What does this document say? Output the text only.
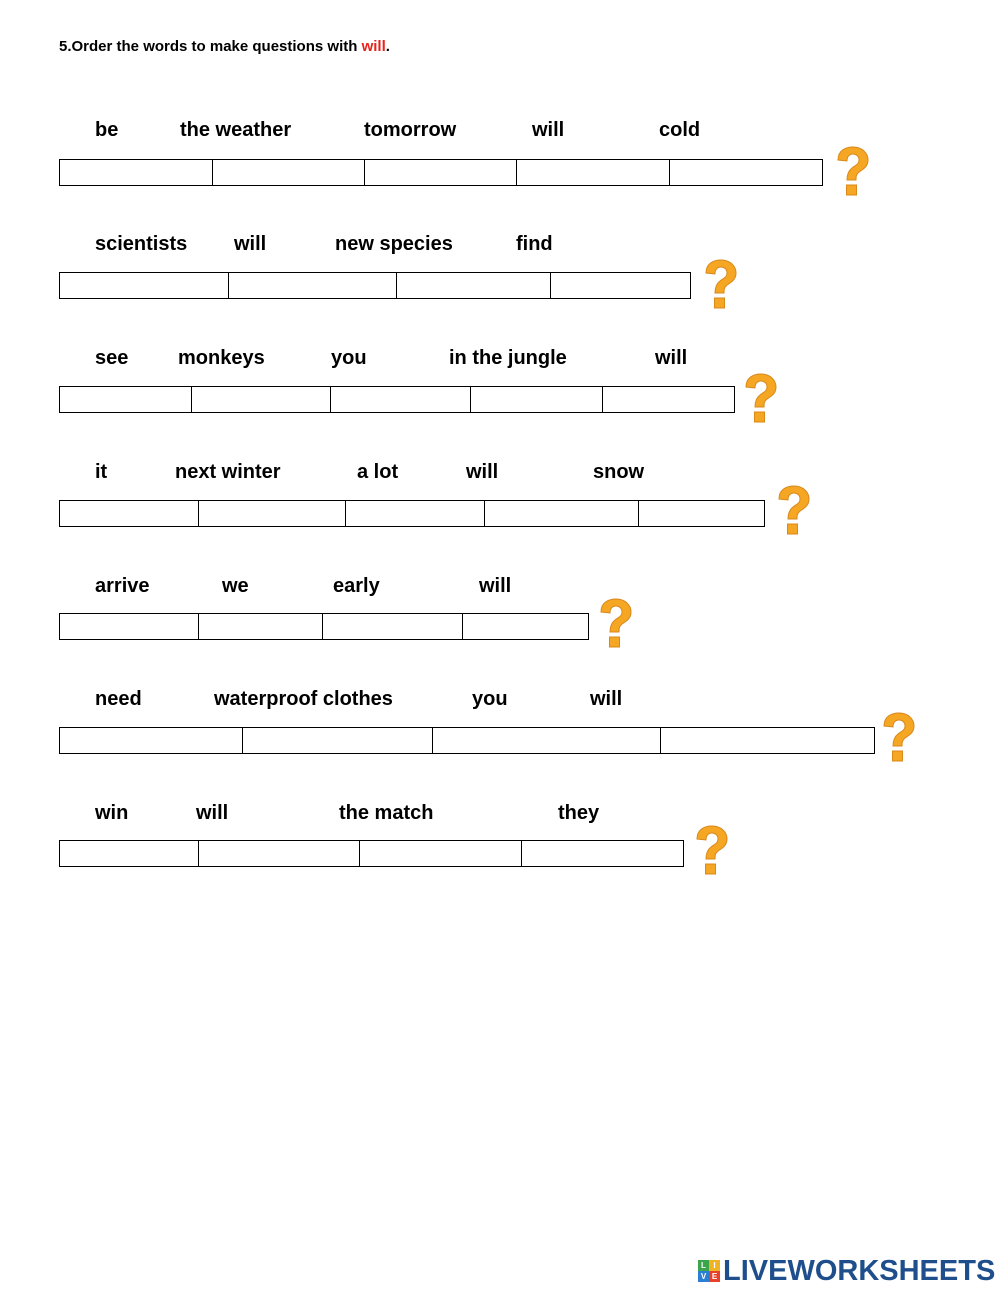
5.Order the words to make questions with will.
be	the weather	tomorrow	will	cold
scientists will	new species	find
see monkeys	you	in the jungle	will
it	next winter	a lot	will	snow
arrive	we	early	will
need	waterproof clothes	you	will
win	will	the match	they
L I
V E LIVEWORKSHEETS
